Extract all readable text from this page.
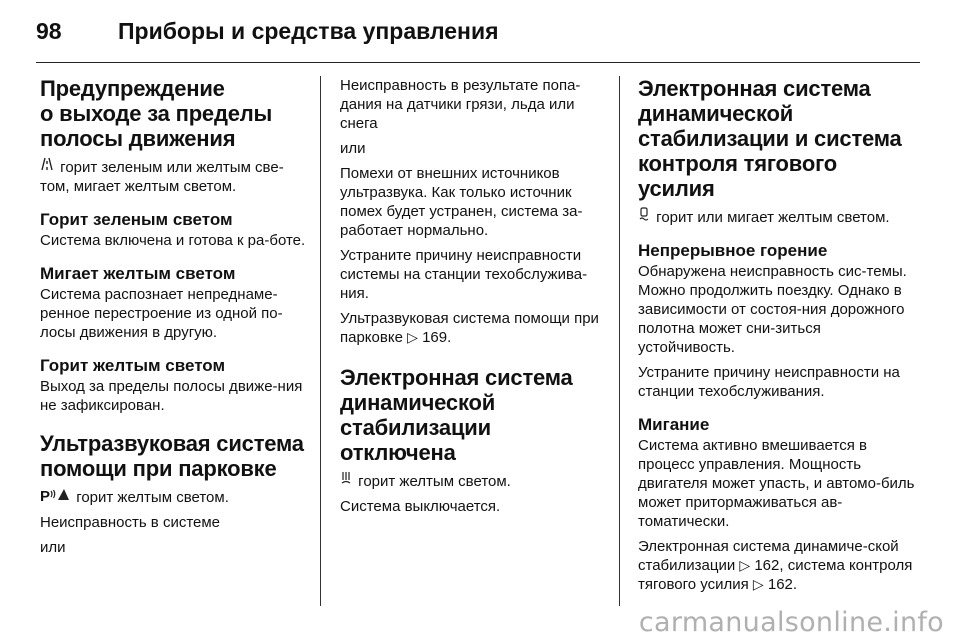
98 Приборы и средства управления
Предупреждение
о выходе за пределы
полосы движения

горит зеленым или желтым све-том, мигает желтым светом.

Горит зеленым светом

Система включена и готова к ра-боте.

Мигает желтым светом

Система распознает непреднаме-ренное перестроение из одной по-лосы движения в другую.

Горит желтым светом

Выход за пределы полосы движе-ния не зафиксирован.

Ультразвуковая система
помощи при парковке

P горит желтым светом.

Неисправность в системе

или

Неисправность в результате попа-дания на датчики грязи, льда или снега

или

Помехи от внешних источников ультразвука. Как только источник помех будет устранен, система за-работает нормально.

Устраните причину неисправности системы на станции техобслужива-ния.

Ультразвуковая система помощи при парковке ▷ 169.

Электронная система
динамической
стабилизации отключена

горит желтым светом.

Система выключается.

Электронная система
динамической
стабилизации и система
контроля тягового
усилия

горит или мигает желтым светом.

Непрерывное горение

Обнаружена неисправность сис-темы. Можно продолжить поездку. Однако в зависимости от состоя-ния дорожного полотна может сни-зиться устойчивость.

Устраните причину неисправности на станции техобслуживания.

Мигание

Система активно вмешивается в процесс управления. Мощность двигателя может упасть, и автомо-биль может притормаживаться ав-томатически.

Электронная система динамиче-ской стабилизации ▷ 162, система контроля тягового усилия ▷ 162.

carmanualsonline.info
